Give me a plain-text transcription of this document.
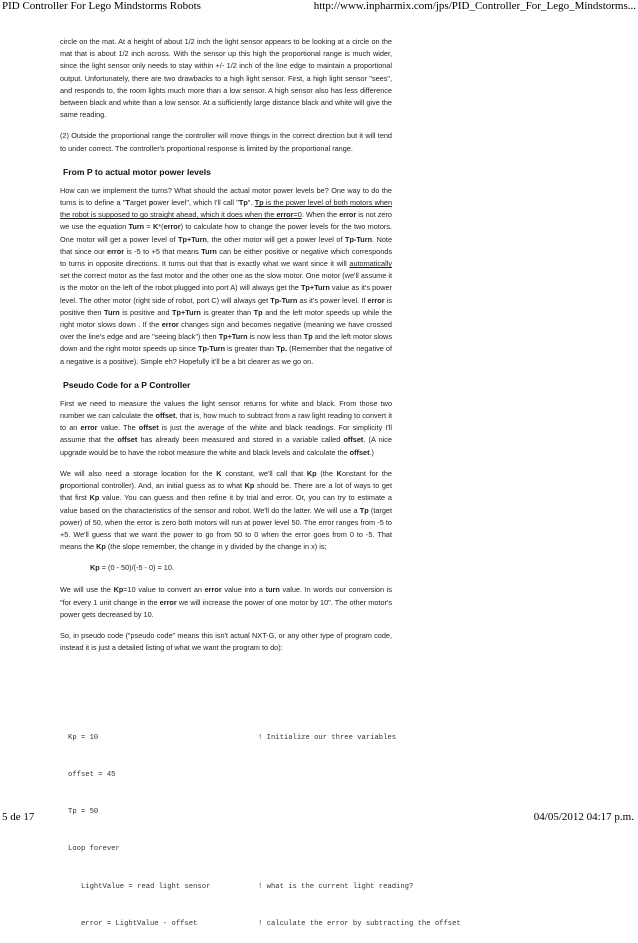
PID Controller For Lego Mindstorms Robots	http://www.inpharmix.com/jps/PID_Controller_For_Lego_Mindstorms...

circle on the mat. At a height of about 1/2 inch the light sensor appears to be looking at a circle on the mat that is about 1/2 inch across. With the sensor up this high the proportional range is much wider, since the light sensor only needs to stay within +/- 1/2 inch of the line edge to maintain a proportional output. Unfortunately, there are two drawbacks to a high light sensor. First, a high light sensor "sees", and responds to, the room lights much more than a low sensor. A high sensor also has less difference between black and white than a low sensor. At a sufficiently large distance black and white will give the same reading.

(2) Outside the proportional range the controller will move things in the correct direction but it will tend to under correct. The controller's proportional response is limited by the proportional range.

From P to actual motor power levels

How can we implement the turns? What should the actual motor power levels be? One way to do the turns is to define a "Target power level", which I'll call "Tp". Tp is the power level of both motors when the robot is supposed to go straight ahead, which it does when the error=0. When the error is not zero we use the equation Turn = K*(error) to calculate how to change the power levels for the two motors. One motor will get a power level of Tp+Turn, the other motor will get a power level of Tp-Turn. Note that since our error is -5 to +5 that means Turn can be either positive or negative which corresponds to turns in opposite directions. It turns out that that is exactly what we want since it will automatically set the correct motor as the fast motor and the other one as the slow motor. One motor (we'll assume it is the motor on the left of the robot plugged into port A) will always get the Tp+Turn value as it's power level. The other motor (right side of robot, port C) will always get Tp-Turn as it's power level. If error is positive then Turn is positive and Tp+Turn is greater than Tp and the left motor speeds up while the right motor slows down . If the error changes sign and becomes negative (meaning we have crossed over the line's edge and are "seeing black") then Tp+Turn is now less than Tp and the left motor slows down and the right motor speeds up since Tp-Turn is greater than Tp. (Remember that the negative of a negative is a positive). Simple eh? Hopefully it'll be a bit clearer as we go on.

Pseudo Code for a P Controller

First we need to measure the values the light sensor returns for white and black. From those two number we can calculate the offset, that is, how much to subtract from a raw light reading to convert it to an error value. The offset is just the average of the white and black readings. For simplicity I'll assume that the offset has already been measured and stored in a variable called offset. (A nice upgrade would be to have the robot measure the white and black levels and calculate the offset.)

We will also need a storage location for the K constant, we'll call that Kp (the Konstant for the proportional controller). And, an initial guess as to what Kp should be. There are a lot of ways to get that first Kp value. You can guess and then refine it by trial and error. Or, you can try to estimate a value based on the characteristics of the sensor and robot. We'll do the latter. We will use a Tp (target power) of 50, when the error is zero both motors will run at power level 50. The error ranges from -5 to +5. We'll guess that we want the power to go from 50 to 0 when the error goes from 0 to -5. That means the Kp (the slope remember, the change in y divided by the change in x) is;

Kp = (0 - 50)/(-5 - 0) = 10.

We will use the Kp=10 value to convert an error value into a turn value. In words our conversion is "for every 1 unit change in the error we will increase the power of one motor by 10". The other motor's power gets decreased by 10.

So, in pseudo code ("pseudo code" means this isn't actual NXT-G, or any other type of program code, instead it is just a detailed listing of what we want the program to do):

Kp = 10	! Initialize our three variables

offset = 45

Tp = 50

Loop forever

LightValue = read light sensor	! what is the current light reading?

error = LightValue - offset	! calculate the error by subtracting the offset

5 de 17	04/05/2012 04:17 p.m.
